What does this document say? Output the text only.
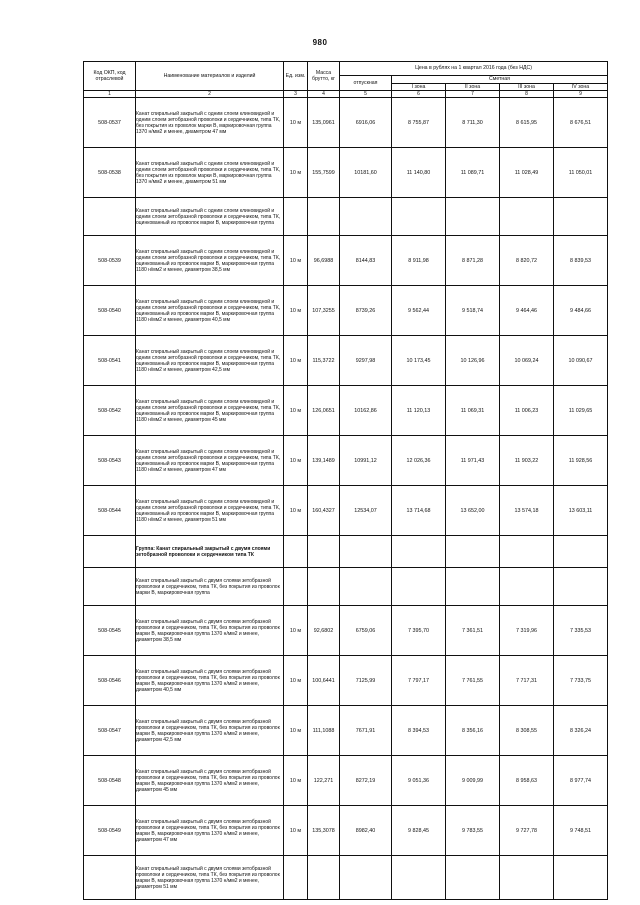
980
Код ОКП, код отраслевой	Наименование материалов и изделий	Ед. изм.	Масса брутто, кг	Цена в рублях на 1 квартал 2016 года (без НДС)				
				отпускная	Сметная			
					I зона	II зона	III зона	IV зона
1	2	3	4	5	6	7	8	9
508-0537	Канат спиральный закрытый с одним слоем клиновидной и одним слоем зетобразной проволоки и сердечником, типа ТК, без покрытия из проволок марки В, маркировочная группа 1370 н/мм2 и менее, диаметром 47 мм	10 м	135,0961	6916,06	8 755,87	8 711,30	8 615,95	8 676,51
508-0538	Канат спиральный закрытый с одним слоем клиновидной и одним слоем зетобразной проволоки и сердечником, типа ТК, без покрытия из проволок марки В, маркировочная группа 1370 н/мм2 и менее, диаметром 51 мм	10 м	155,7599	10181,60	11 140,80	11 089,71	11 028,49	11 050,01
	Канат спиральный закрытый с одним слоем клиновидной и одним слоем зетобразной проволоки и сердечником, типа ТК, оцинкованный из проволок марки В, маркировочная группа							
508-0539	Канат спиральный закрытый с одним слоем клиновидной и одним слоем зетобразной проволоки и сердечником, типа ТК, оцинкованный из проволок марки В, маркировочная группа 1180 н/мм2 и менее, диаметром 38,5 мм	10 м	96,6988	8144,83	8 911,98	8 871,28	8 820,72	8 839,53
508-0540	Канат спиральный закрытый с одним слоем клиновидной и одним слоем зетобразной проволоки и сердечником, типа ТК, оцинкованный из проволок марки В, маркировочная группа 1180 н/мм2 и менее, диаметром 40,5 мм	10 м	107,3255	8739,26	9 562,44	9 518,74	9 464,46	9 484,66
508-0541	Канат спиральный закрытый с одним слоем клиновидной и одним слоем зетобразной проволоки и сердечником, типа ТК, оцинкованный из проволок марки В, маркировочная группа 1180 н/мм2 и менее, диаметром 42,5 мм	10 м	115,3722	9297,98	10 173,45	10 126,96	10 069,24	10 090,67
508-0542	Канат спиральный закрытый с одним слоем клиновидной и одним слоем зетобразной проволоки и сердечником, типа ТК, оцинкованный из проволок марки В, маркировочная группа 1180 н/мм2 и менее, диаметром 45 мм	10 м	126,0651	10162,86	11 120,13	11 069,31	11 006,23	11 029,65
508-0543	Канат спиральный закрытый с одним слоем клиновидной и одним слоем зетобразной проволоки и сердечником, типа ТК, оцинкованный из проволок марки В, маркировочная группа 1180 н/мм2 и менее, диаметром 47 мм	10 м	139,1489	10991,12	12 026,36	11 971,43	11 903,22	11 928,56
508-0544	Канат спиральный закрытый с одним слоем клиновидной и одним слоем зетобразной проволоки и сердечником, типа ТК, оцинкованный из проволок марки В, маркировочная группа 1180 н/мм2 и менее, диаметром 51 мм	10 м	160,4327	12534,07	13 714,68	13 652,00	13 574,18	13 603,11
	Группа: Канат спиральный закрытый с двумя слоями зетобразной проволоки и сердечником типа ТК							
	Канат спиральный закрытый с двумя слоями зетобразной проволоки и сердечником, типа ТК, без покрытия из проволок марки В, маркировочная группа							
508-0545	Канат спиральный закрытый с двумя слоями зетобразной проволоки и сердечником, типа ТК, без покрытия из проволок марки В, маркировочная группа 1370 н/мм2 и менее, диаметром 38,5 мм	10 м	92,6802	6759,06	7 395,70	7 361,51	7 319,96	7 335,53
508-0546	Канат спиральный закрытый с двумя слоями зетобразной проволоки и сердечником, типа ТК, без покрытия из проволок марки В, маркировочная группа 1370 н/мм2 и менее, диаметром 40,5 мм	10 м	100,6441	7125,99	7 797,17	7 761,55	7 717,31	7 733,75
508-0547	Канат спиральный закрытый с двумя слоями зетобразной проволоки и сердечником, типа ТК, без покрытия из проволок марки В, маркировочная группа 1370 н/мм2 и менее, диаметром 42,5 мм	10 м	111,1088	7671,91	8 394,53	8 356,16	8 308,55	8 326,24
508-0548	Канат спиральный закрытый с двумя слоями зетобразной проволоки и сердечником, типа ТК, без покрытия из проволок марки В, маркировочная группа 1370 н/мм2 и менее, диаметром 45 мм	10 м	122,271	8272,19	9 051,36	9 009,99	8 958,63	8 977,74
508-0549	Канат спиральный закрытый с двумя слоями зетобразной проволоки и сердечником, типа ТК, без покрытия из проволок марки В, маркировочная группа 1370 н/мм2 и менее, диаметром 47 мм	10 м	135,3078	8982,40	9 828,45	9 783,55	9 727,78	9 748,51
	Канат спиральный закрытый с двумя слоями зетобразной проволоки и сердечником, типа ТК, без покрытия из проволок марки В, маркировочная группа 1370 н/мм2 и менее, диаметром 51 мм							
